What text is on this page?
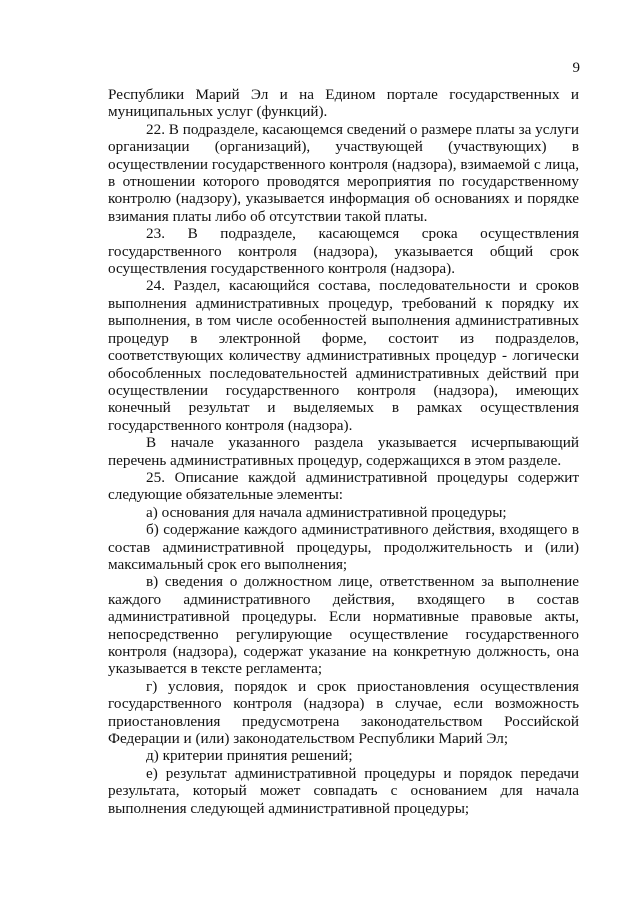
9

Республики Марий Эл и на Едином портале государственных и муниципальных услуг (функций).

22. В подразделе, касающемся сведений о размере платы за услуги организации (организаций), участвующей (участвующих) в осуществлении государственного контроля (надзора), взимаемой с лица, в отношении которого проводятся мероприятия по государственному контролю (надзору), указывается информация об основаниях и порядке взимания платы либо об отсутствии такой платы.

23. В подразделе, касающемся срока осуществления государственного контроля (надзора), указывается общий срок осуществления государственного контроля (надзора).

24. Раздел, касающийся состава, последовательности и сроков выполнения административных процедур, требований к порядку их выполнения, в том числе особенностей выполнения административных процедур в электронной форме, состоит из подразделов, соответствующих количеству административных процедур - логически обособленных последовательностей административных действий при осуществлении государственного контроля (надзора), имеющих конечный результат и выделяемых в рамках осуществления государственного контроля (надзора).

В начале указанного раздела указывается исчерпывающий перечень административных процедур, содержащихся в этом разделе.

25. Описание каждой административной процедуры содержит следующие обязательные элементы:

а) основания для начала административной процедуры;

б) содержание каждого административного действия, входящего в состав административной процедуры, продолжительность и (или) максимальный срок его выполнения;

в) сведения о должностном лице, ответственном за выполнение каждого административного действия, входящего в состав административной процедуры. Если нормативные правовые акты, непосредственно регулирующие осуществление государственного контроля (надзора), содержат указание на конкретную должность, она указывается в тексте регламента;

г) условия, порядок и срок приостановления осуществления государственного контроля (надзора) в случае, если возможность приостановления предусмотрена законодательством Российской Федерации и (или) законодательством Республики Марий Эл;

д) критерии принятия решений;

е) результат административной процедуры и порядок передачи результата, который может совпадать с основанием для начала выполнения следующей административной процедуры;
